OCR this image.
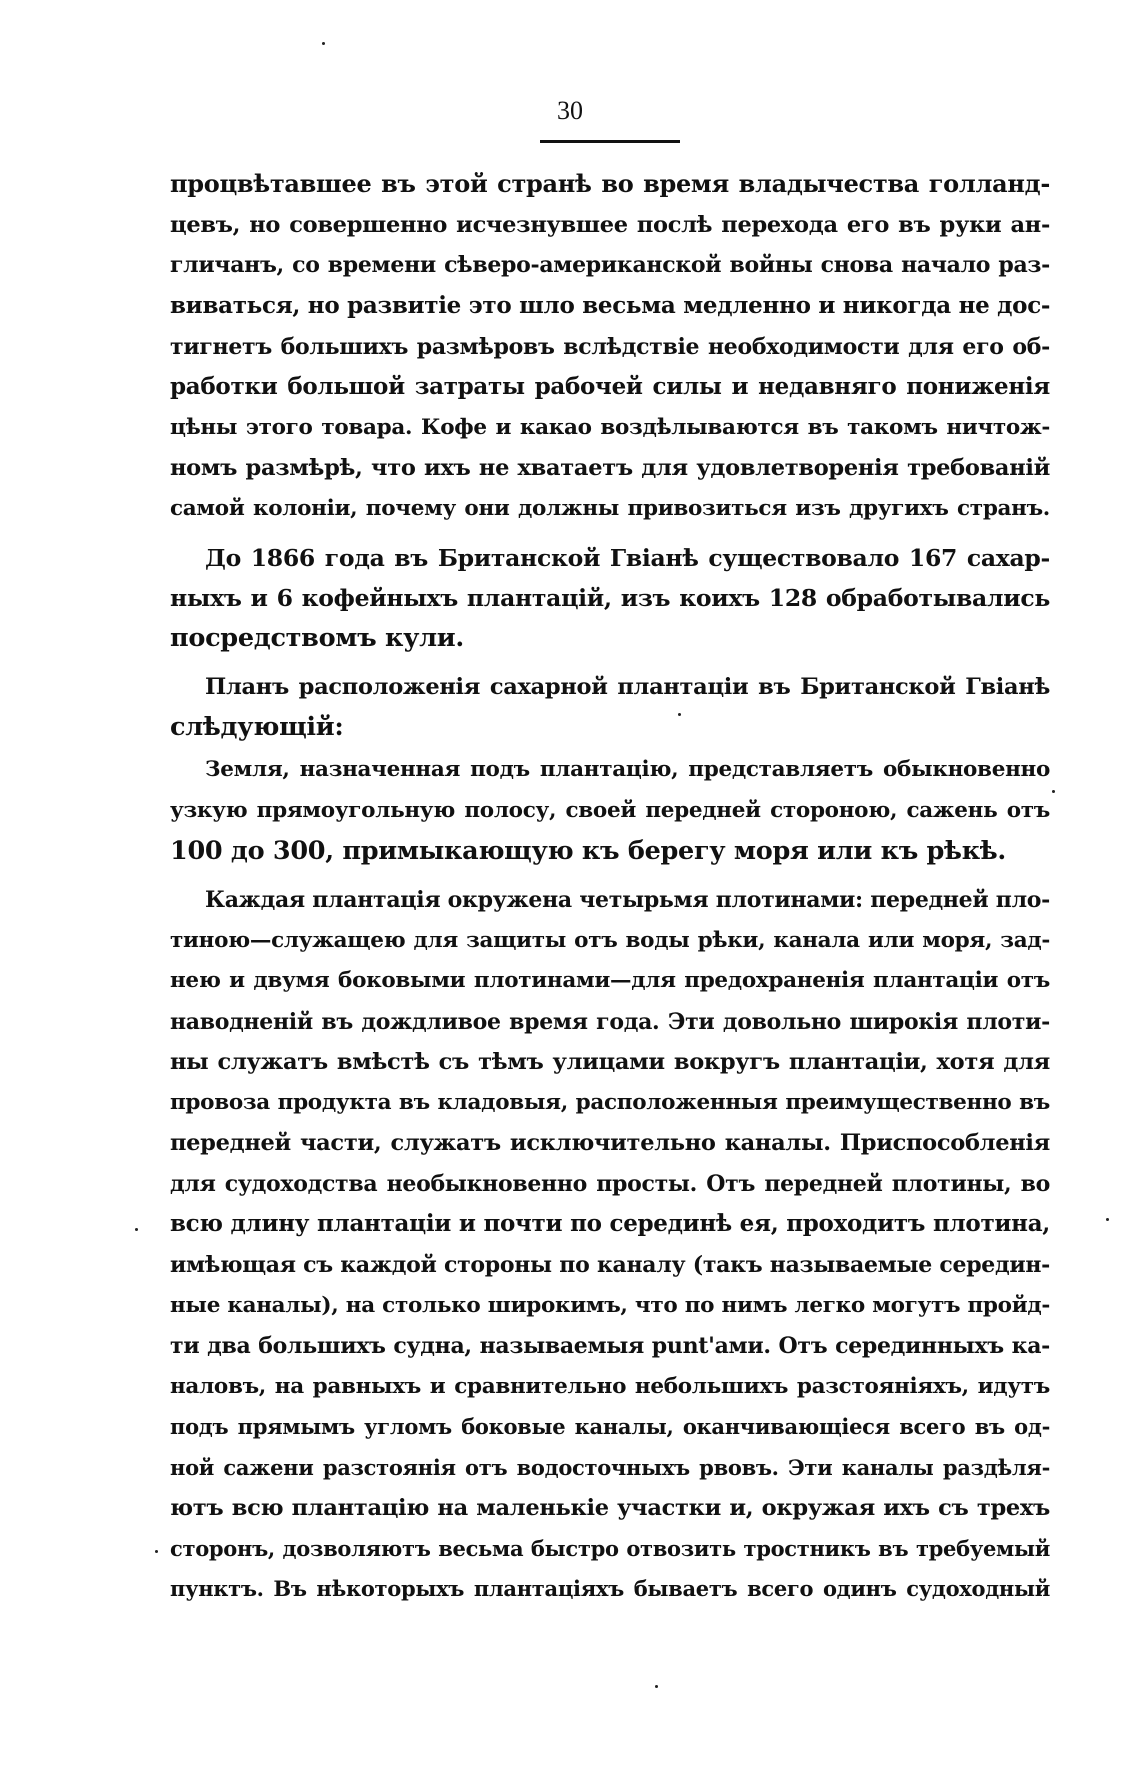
30
процвѣтавшее въ этой странѣ во время владычества голланд-
цевъ, но совершенно исчезнувшее послѣ перехода его въ руки ан-
гличанъ, со времени сѣверо-американской войны снова начало раз-
виваться, но развитіе это шло весьма медленно и никогда не дос-
тигнетъ большихъ размѣровъ вслѣдствіе необходимости для его об-
работки большой затраты рабочей силы и недавняго пониженія
цѣны этого товара. Кофе и какао воздѣлываются въ такомъ ничтож-
номъ размѣрѣ, что ихъ не хватаетъ для удовлетворенія требованій
самой колоніи, почему они должны привозиться изъ другихъ странъ.
До 1866 года въ Британской Гвіанѣ существовало 167 сахар-
ныхъ и 6 кофейныхъ плантацій, изъ коихъ 128 обработывались
посредствомъ кули.
Планъ расположенія сахарной плантаціи въ Британской Гвіанѣ
слѣдующій:
Земля, назначенная подъ плантацію, представляетъ обыкновенно
узкую прямоугольную полосу, своей передней стороною, сажень отъ
100 до 300, примыкающую къ берегу моря или къ рѣкѣ.
Каждая плантація окружена четырьмя плотинами: передней пло-
тиною—служащею для защиты отъ воды рѣки, канала или моря, зад-
нею и двумя боковыми плотинами—для предохраненія плантаціи отъ
наводненій въ дождливое время года. Эти довольно широкія плоти-
ны служатъ вмѣстѣ съ тѣмъ улицами вокругъ плантаціи, хотя для
провоза продукта въ кладовыя, расположенныя преимущественно въ
передней части, служатъ исключительно каналы. Приспособленія
для судоходства необыкновенно просты. Отъ передней плотины, во
всю длину плантаціи и почти по серединѣ ея, проходитъ плотина,
имѣющая съ каждой стороны по каналу (такъ называемые середин-
ные каналы), на столько широкимъ, что по нимъ легко могутъ пройд-
ти два большихъ судна, называемыя punt'ами. Отъ серединныхъ ка-
наловъ, на равныхъ и сравнительно небольшихъ разстояніяхъ, идутъ
подъ прямымъ угломъ боковые каналы, оканчивающіеся всего въ од-
ной сажени разстоянія отъ водосточныхъ рвовъ. Эти каналы раздѣля-
ютъ всю плантацію на маленькіе участки и, окружая ихъ съ трехъ
сторонъ, дозволяютъ весьма быстро отвозить тростникъ въ требуемый
пунктъ. Въ нѣкоторыхъ плантаціяхъ бываетъ всего одинъ судоходный
